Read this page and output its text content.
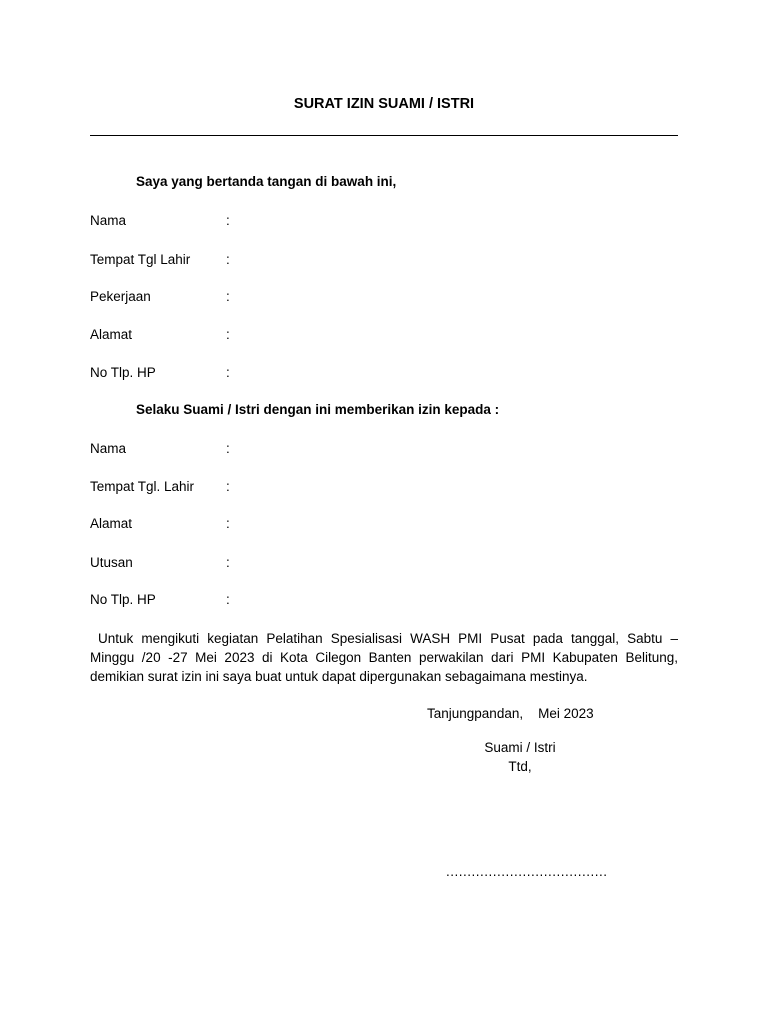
SURAT IZIN SUAMI / ISTRI
Saya yang bertanda tangan di bawah ini,
Nama	:
Tempat Tgl Lahir	:
Pekerjaan	:
Alamat	:
No Tlp. HP	:
Selaku Suami / Istri dengan ini memberikan izin kepada :
Nama	:
Tempat Tgl. Lahir :
Alamat	:
Utusan	:
No Tlp. HP	:
Untuk mengikuti kegiatan Pelatihan Spesialisasi WASH PMI Pusat pada tanggal, Sabtu – Minggu /20 -27 Mei 2023 di Kota Cilegon Banten perwakilan dari PMI Kabupaten Belitung, demikian surat izin ini saya buat untuk dapat dipergunakan sebagaimana mestinya.
Tanjungpandan,    Mei 2023
Suami / Istri
Ttd,
......................................
